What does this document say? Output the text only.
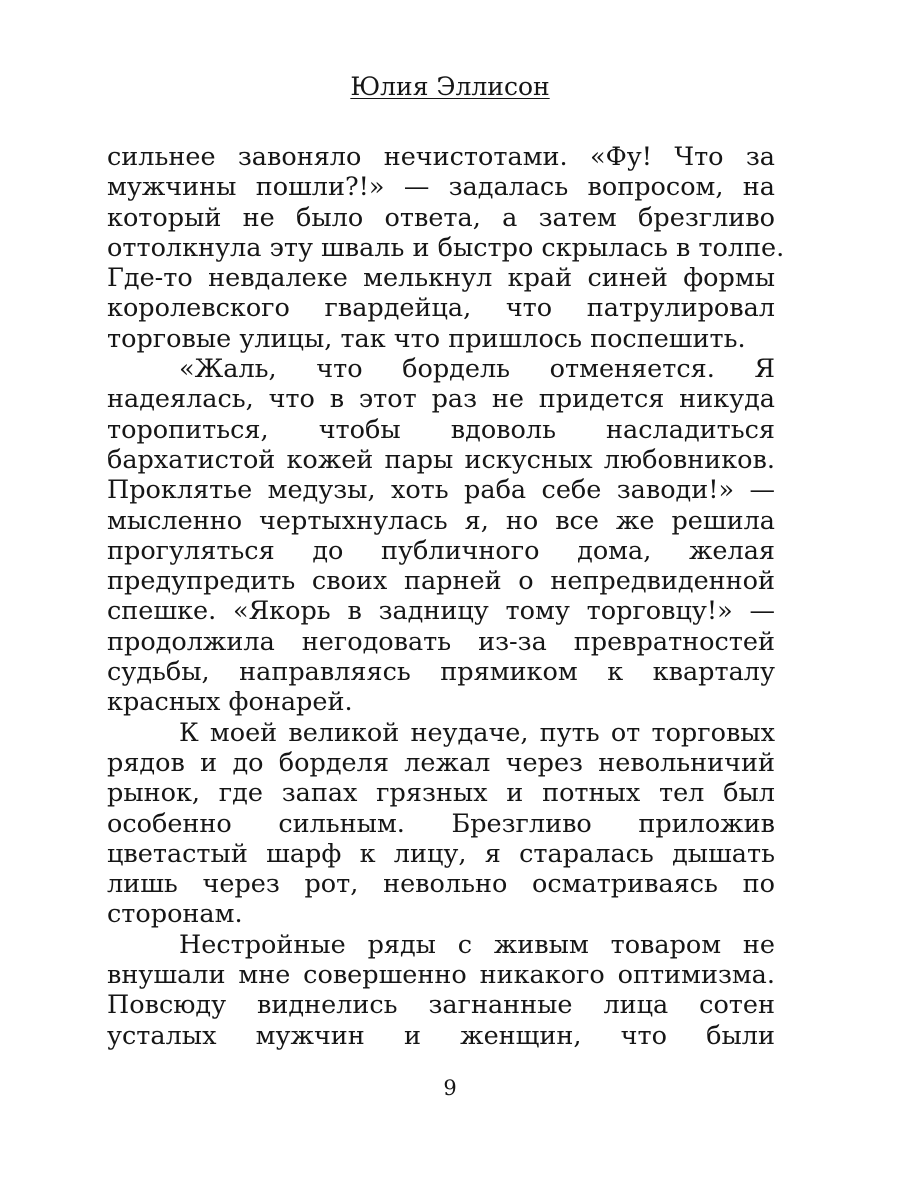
Юлия Эллисон
сильнее завоняло нечистотами. «Фу! Что за
мужчины пошли?!» — задалась вопросом, на
который не было ответа, а затем брезгливо
оттолкнула эту шваль и быстро скрылась в толпе.
Где-то невдалеке мелькнул край синей формы
королевского гвардейца, что патрулировал
торговые улицы, так что пришлось поспешить.
«Жаль, что бордель отменяется. Я
надеялась, что в этот раз не придется никуда
торопиться, чтобы вдоволь насладиться
бархатистой кожей пары искусных любовников.
Проклятье медузы, хоть раба себе заводи!» —
мысленно чертыхнулась я, но все же решила
прогуляться до публичного дома, желая
предупредить своих парней о непредвиденной
спешке. «Якорь в задницу тому торговцу!» —
продолжила негодовать из-за превратностей
судьбы, направляясь прямиком к кварталу
красных фонарей.
К моей великой неудаче, путь от торговых
рядов и до борделя лежал через невольничий
рынок, где запах грязных и потных тел был
особенно сильным. Брезгливо приложив
цветастый шарф к лицу, я старалась дышать
лишь через рот, невольно осматриваясь по
сторонам.
Нестройные ряды с живым товаром не
внушали мне совершенно никакого оптимизма.
Повсюду виднелись загнанные лица сотен
усталых мужчин и женщин, что были
9
